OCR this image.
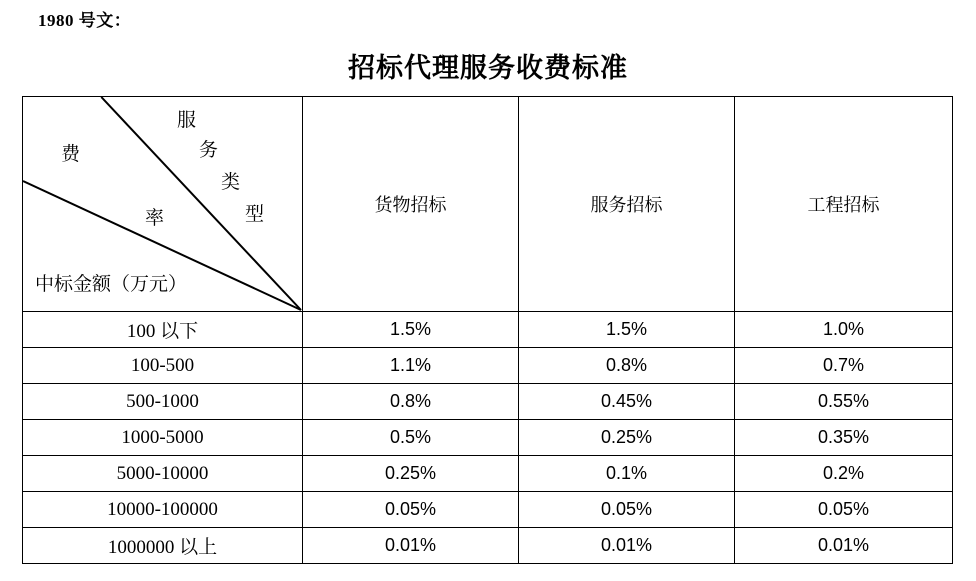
1980 号文：
招标代理服务收费标准
费
率
服
务
类
型
中标金额（万元）
	货物招标	服务招标	工程招标
100 以下	1.5%	1.5%	1.0%
100-500	1.1%	0.8%	0.7%
500-1000	0.8%	0.45%	0.55%
1000-5000	0.5%	0.25%	0.35%
5000-10000	0.25%	0.1%	0.2%
10000-100000	0.05%	0.05%	0.05%
1000000 以上	0.01%	0.01%	0.01%
